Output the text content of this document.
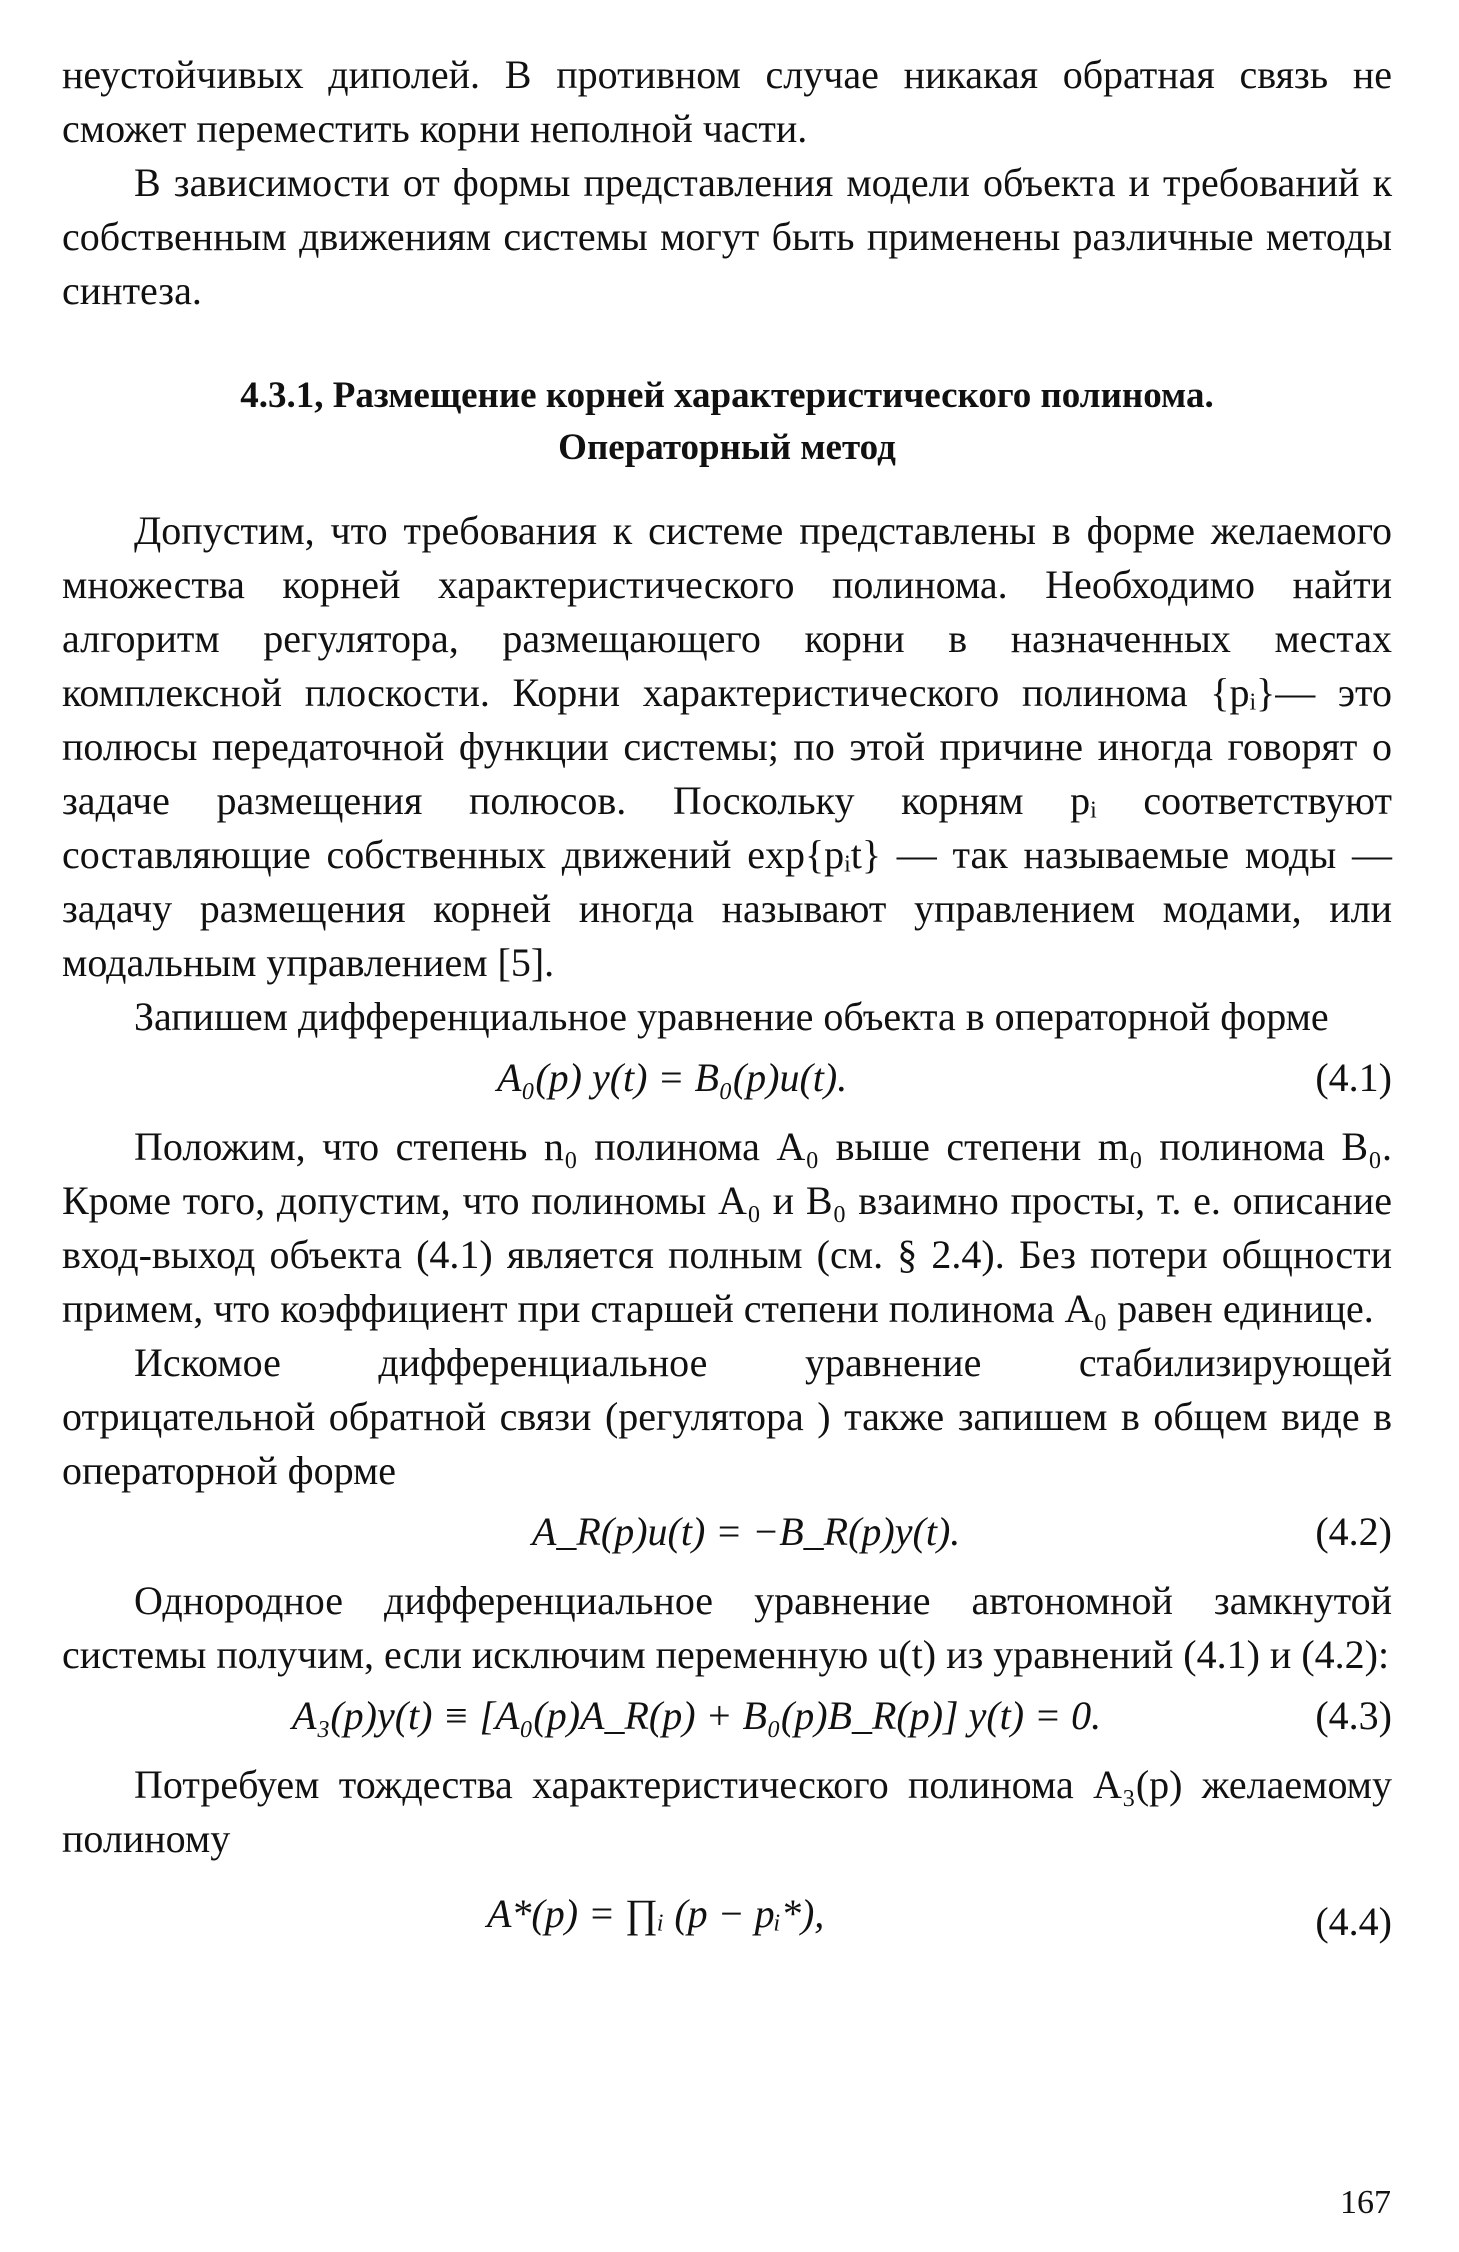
неустойчивых диполей. В противном случае никакая обратная связь не сможет переместить корни неполной части.

В зависимости от формы представления модели объекта и требований к собственным движениям системы могут быть применены различные методы синтеза.

4.3.1, Размещение корней характеристического полинома.

Операторный метод

Допустим, что требования к системе представлены в форме желаемого множества корней характеристического полинома. Необходимо найти алгоритм регулятора, размещающего корни в назначенных местах комплексной плоскости. Корни характеристического полинома {pᵢ}— это полюсы передаточной функции системы; по этой причине иногда говорят о задаче размещения полюсов. Поскольку корням pᵢ соответствуют составляющие собственных движений exp{pᵢt} — так называемые моды — задачу размещения корней иногда называют управлением модами, или модальным управлением [5].

Запишем дифференциальное уравнение объекта в операторной форме

A₀(p) y(t) = B₀(p)u(t).	(4.1)

Положим, что степень n₀ полинома A₀ выше степени m₀ полинома B₀. Кроме того, допустим, что полиномы A₀ и B₀ взаимно просты, т. е. описание вход-выход объекта (4.1) является полным (см. § 2.4). Без потери общности примем, что коэффициент при старшей степени полинома A₀ равен единице.

Искомое дифференциальное уравнение стабилизирующей отрицательной обратной связи (регулятора ) также запишем в общем виде в операторной форме

A_R(p)u(t) = −B_R(p)y(t).	(4.2)

Однородное дифференциальное уравнение автономной замкнутой системы получим, если исключим переменную u(t) из уравнений (4.1) и (4.2):

A₃(p)y(t) ≡ [A₀(p)A_R(p) + B₀(p)B_R(p)] y(t) = 0.	(4.3)

Потребуем тождества характеристического полинома A₃(p) желаемому полиному

A*(p) = ∏ᵢ (p − pᵢ*),	(4.4)
167
